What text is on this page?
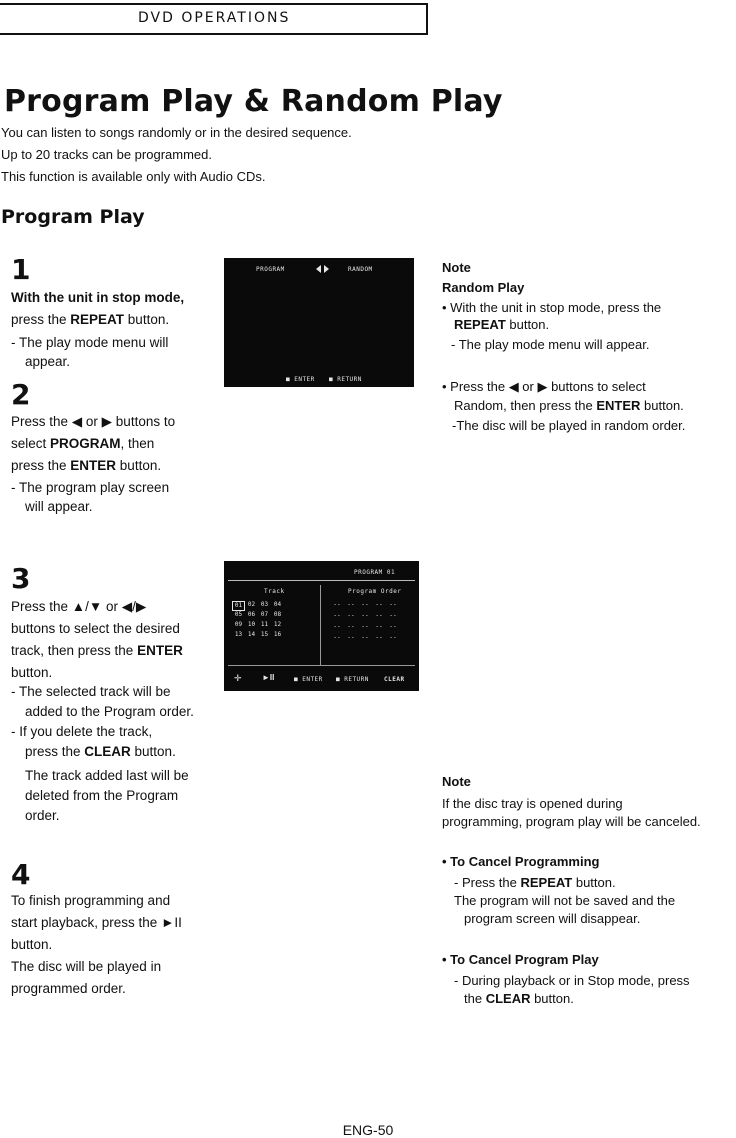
DVD OPERATIONS
Program Play & Random Play
You can listen to songs randomly or in the desired sequence.
Up to 20 tracks can be programmed.
This function is available only with Audio CDs.
Program Play
1
With the unit in stop mode,
press the REPEAT button.
- The play mode menu will
appear.
2
Press the ◀ or ▶ buttons to
select PROGRAM, then
press the ENTER button.
- The program play screen
will appear.
PROGRAM	RANDOM
■ ENTER ■ RETURN
3
Press the ▲/▼ or ◀/▶
buttons to select the desired
track, then press the ENTER
button.
- The selected track will be
added to the Program order.
- If you delete the track,
press the CLEAR button.
The track added last will be
deleted from the Program
order.
PROGRAM 01
Track	Program Order
01 02 03 04
05 06 07 08
09 10 11 12
13 14 15 16
--	--	--	--	--
--	--	--	--	--
--	--	--	--	--
--	--	--	--	--
✛	►II	■ ENTER ■ RETURN	CLEAR
4
To finish programming and
start playback, press the ►II
button.
The disc will be played in
programmed order.
Note
Random Play
• With the unit in stop mode, press the
REPEAT button.
- The play mode menu will appear.
• Press the ◀ or ▶ buttons to select
Random, then press the ENTER button.
-The disc will be played in random order.
Note
If the disc tray is opened during
programming, program play will be canceled.
• To Cancel Programming
- Press the REPEAT button.
The program will not be saved and the
program screen will disappear.
• To Cancel Program Play
- During playback or in Stop mode, press
the CLEAR button.
ENG-50
